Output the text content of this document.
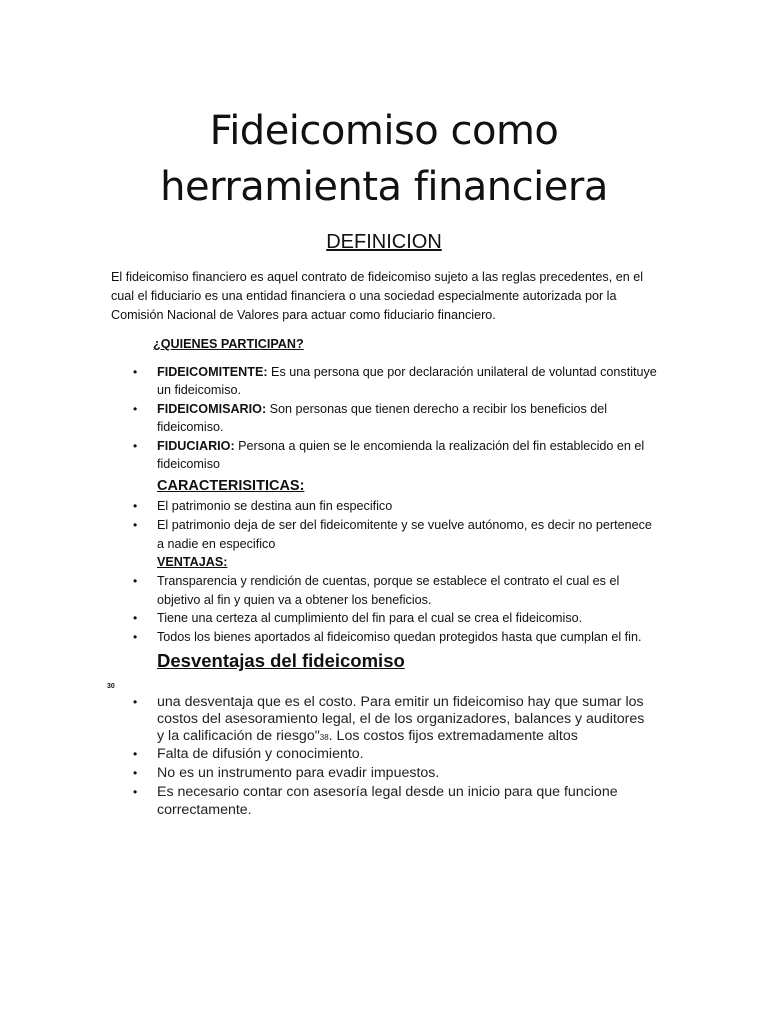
Fideicomiso como
herramienta financiera
DEFINICION
El fideicomiso financiero es aquel contrato de fideicomiso sujeto a las reglas precedentes, en el
cual el fiduciario es una entidad financiera o una sociedad especialmente autorizada por la
Comisión Nacional de Valores para actuar como fiduciario financiero.
¿QUIENES PARTICIPAN?
• FIDEICOMITENTE: Es una persona que por declaración unilateral de voluntad constituye
un fideicomiso.
• FIDEICOMISARIO: Son personas que tienen derecho a recibir los beneficios del
fideicomiso.
• FIDUCIARIO: Persona a quien se le encomienda la realización del fin establecido en el
fideicomiso
CARACTERISITICAS:
• El patrimonio se destina aun fin especifico
• El patrimonio deja de ser del fideicomitente y se vuelve autónomo, es decir no pertenece
a nadie en especifico
VENTAJAS:
• Transparencia y rendición de cuentas, porque se establece el contrato el cual es el
objetivo al fin y quien va a obtener los beneficios.
• Tiene una certeza al cumplimiento del fin para el cual se crea el fideicomiso.
• Todos los bienes aportados al fideicomiso quedan protegidos hasta que cumplan el fin.
Desventajas del fideicomiso
30
• una desventaja que es el costo. Para emitir un fideicomiso hay que sumar los
costos del asesoramiento legal, el de los organizadores, balances y auditores
y la calificación de riesgo"38. Los costos fijos extremadamente altos
• Falta de difusión y conocimiento.
• No es un instrumento para evadir impuestos.
• Es necesario contar con asesoría legal desde un inicio para que funcione
correctamente.
